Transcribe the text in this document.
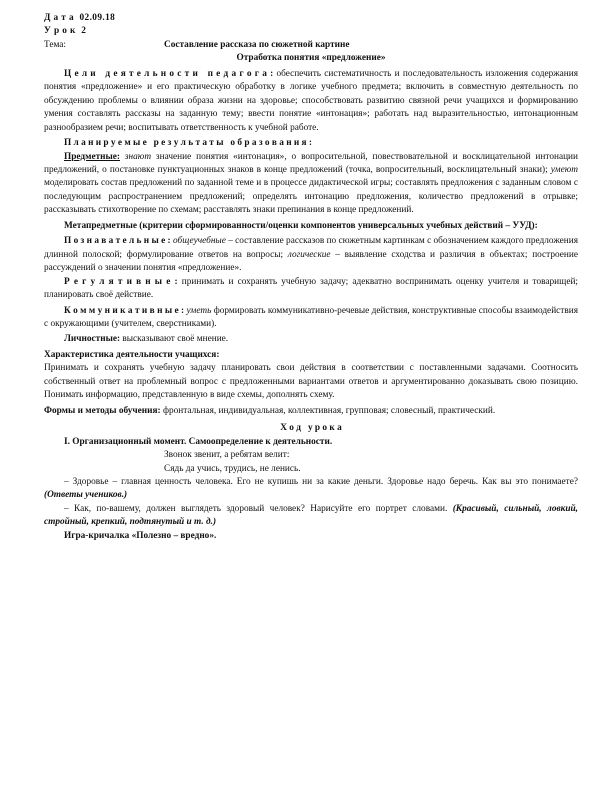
Д а т а  02.09.18

У р о к  2

Тема:	Составление рассказа по сюжетной картине

Отработка понятия «предложение»

Ц е л и   д е я т е л ь н о с т и   п е д а г о г а : обеспечить систематичность и последовательность изложения содержания понятия «предложение» и его практическую обработку в логике учебного предмета; включить в совместную деятельность по обсуждению проблемы о влиянии образа жизни на здоровье; способствовать развитию связной речи учащихся и формированию умения составлять рассказы на заданную тему; ввести понятие «интонация»; работать над выразительностью, интонационным разнообразием речи; воспитывать ответственность к учебной работе.

П л а н и р у е м ы е   р е з у л ь т а т ы   о б р а з о в а н и я :

Предметные: знают значение понятия «интонация», о вопросительной, повествовательной и восклицательной интонации предложений, о постановке пунктуационных знаков в конце предложений (точка, вопросительный, восклицательный знаки); умеют моделировать состав предложений по заданной теме и в процессе дидактической игры; составлять предложения с заданным словом с последующим распространением предложений; определять интонацию предложения, количество предложений в отрывке; рассказывать стихотворение по схемам; расставлять знаки препинания в конце предложений.

Метапредметные (критерии сформированности/оценки компонентов универсальных учебных действий – УУД):

П о з н а в а т е л ь н ы е : общеучебные – составление рассказов по сюжетным картинкам с обозначением каждого предложения длинной полоской; формулирование ответов на вопросы; логические – выявление сходства и различия в объектах; построение рассуждений о значении понятия «предложение».

Р е г у л я т и в н ы е : принимать и сохранять учебную задачу; адекватно воспринимать оценку учителя и товарищей; планировать своё действие.

К о м м у н и к а т и в н ы е : уметь формировать коммуникативно-речевые действия, конструктивные способы взаимодействия с окружающими (учителем, сверстниками).

Личностные: высказывают своё мнение.

Характеристика деятельности учащихся:

Принимать и сохранять учебную задачу планировать свои действия в соответствии с поставленными задачами. Соотносить собственный ответ на проблемный вопрос с предложенными вариантами ответов и аргументированно доказывать свою позицию. Понимать информацию, представленную в виде схемы, дополнять схему.

Формы и методы обучения: фронтальная, индивидуальная, коллективная, групповая; словесный, практический.

Х о д   у р о к а

I. Организационный момент. Самоопределение к деятельности.

Звонок звенит, а ребятам велит:

Сядь да учись, трудись, не ленись.

– Здоровье – главная ценность человека. Его не купишь ни за какие деньги. Здоровье надо беречь. Как вы это понимаете? (Ответы учеников.)

– Как, по-вашему, должен выглядеть здоровый человек? Нарисуйте его портрет словами. (Красивый, сильный, ловкий, стройный, крепкий, подтянутый и т. д.)

Игра-кричалка «Полезно – вредно».
